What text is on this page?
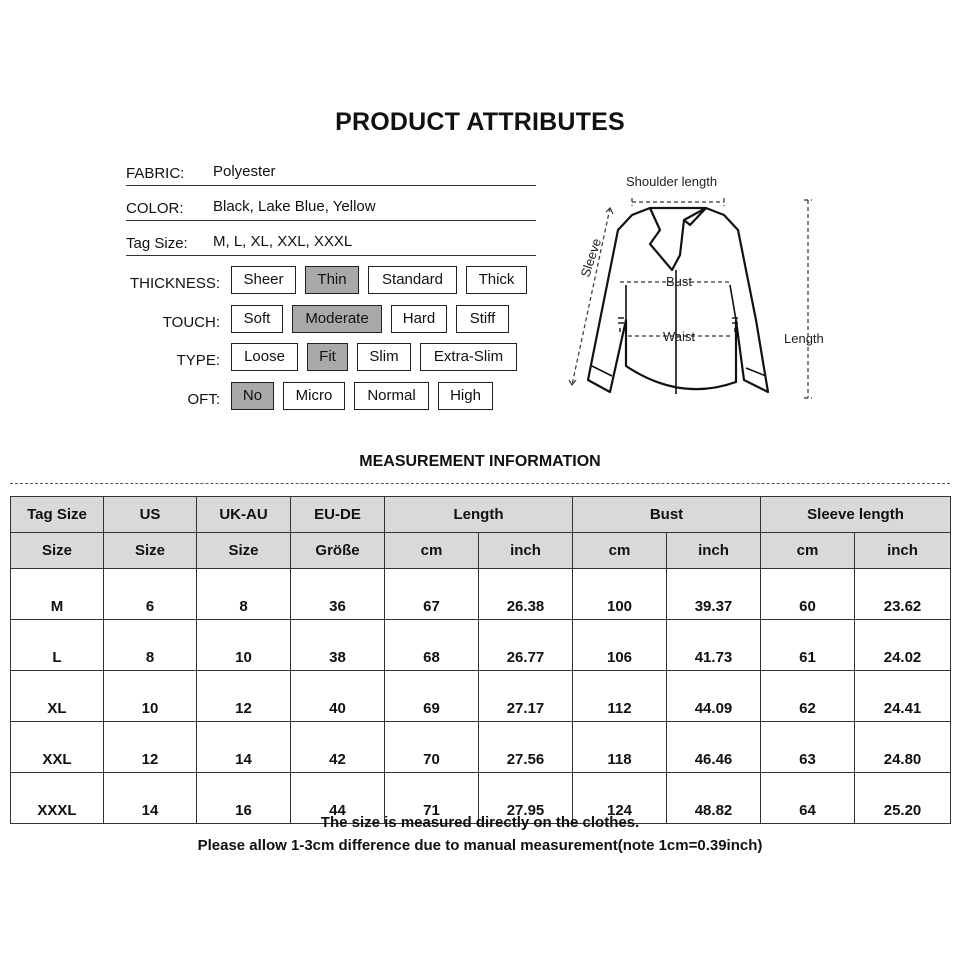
PRODUCT ATTRIBUTES
FABRIC: Polyester
COLOR: Black, Lake Blue, Yellow
Tag Size: M, L, XL, XXL, XXXL
THICKNESS:	Sheer	Thin	Standard	Thick
TOUCH:	Soft	Moderate	Hard	Stiff
TYPE:	Loose	Fit	Slim	Extra-Slim
OFT:	No	Micro	Normal	High
Shoulder length
Sleeve
Bust
Waist	Length
MEASUREMENT INFORMATION
Tag Size	US	UK-AU	EU-DE	Length		Bust		Sleeve length	
Size	Size	Size	Größe	cm	inch	cm	inch	cm	inch
M	6	8	36	67	26.38	100	39.37	60	23.62
L	8	10	38	68	26.77	106	41.73	61	24.02
XL	10	12	40	69	27.17	112	44.09	62	24.41
XXL	12	14	42	70	27.56	118	46.46	63	24.80
XXXL	14	16	44	71	27.95	124	48.82	64	25.20
The size is measured directly on the clothes.
Please allow 1-3cm difference due to manual measurement(note 1cm=0.39inch)
